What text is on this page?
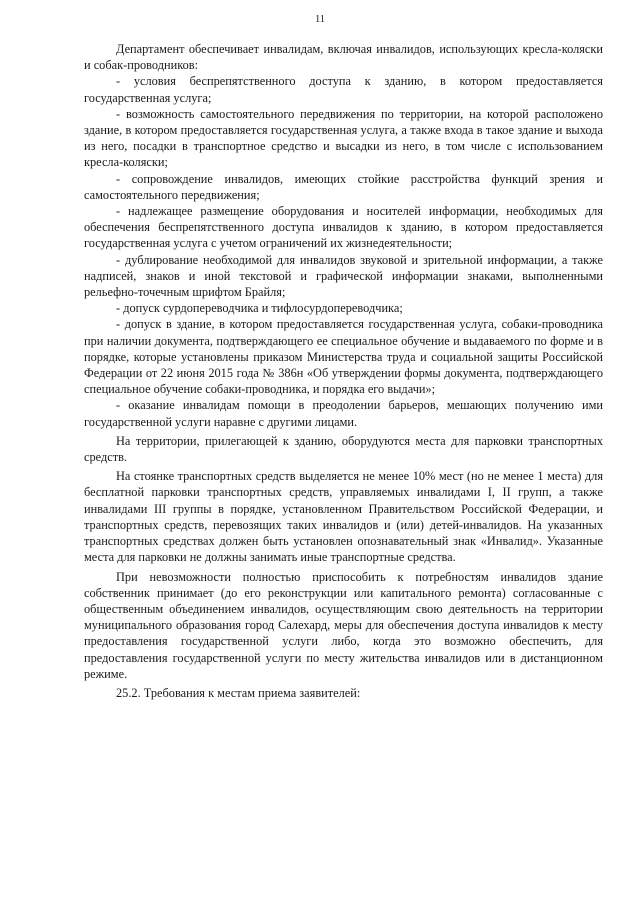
11

Департамент обеспечивает инвалидам, включая инвалидов, использующих кресла-коляски и собак-проводников:

- условия беспрепятственного доступа к зданию, в котором предоставляется государственная услуга;

- возможность самостоятельного передвижения по территории, на которой расположено здание, в котором предоставляется государственная услуга, а также входа в такое здание и выхода из него, посадки в транспортное средство и высадки из него, в том числе с использованием кресла-коляски;

- сопровождение инвалидов, имеющих стойкие расстройства функций зрения и самостоятельного передвижения;

- надлежащее размещение оборудования и носителей информации, необходимых для обеспечения беспрепятственного доступа инвалидов к зданию, в котором предоставляется государственная услуга с учетом ограничений их жизнедеятельности;

- дублирование необходимой для инвалидов звуковой и зрительной информации, а также надписей, знаков и иной текстовой и графической информации знаками, выполненными рельефно-точечным шрифтом Брайля;

- допуск сурдопереводчика и тифлосурдопереводчика;

- допуск в здание, в котором предоставляется государственная услуга, собаки-проводника при наличии документа, подтверждающего ее специальное обучение и выдаваемого по форме и в порядке, которые установлены приказом Министерства труда и социальной защиты Российской Федерации от 22 июня 2015 года № 386н «Об утверждении формы документа, подтверждающего специальное обучение собаки-проводника, и порядка его выдачи»;

- оказание инвалидам помощи в преодолении барьеров, мешающих получению ими государственной услуги наравне с другими лицами.

На территории, прилегающей к зданию, оборудуются места для парковки транспортных средств.

На стоянке транспортных средств выделяется не менее 10% мест (но не менее 1 места) для бесплатной парковки транспортных средств, управляемых инвалидами I, II групп, а также инвалидами III группы в порядке, установленном Правительством Российской Федерации, и транспортных средств, перевозящих таких инвалидов и (или) детей-инвалидов. На указанных транспортных средствах должен быть установлен опознавательный знак «Инвалид». Указанные места для парковки не должны занимать иные транспортные средства.

При невозможности полностью приспособить к потребностям инвалидов здание собственник принимает (до его реконструкции или капитального ремонта) согласованные с общественным объединением инвалидов, осуществляющим свою деятельность на территории муниципального образования город Салехард, меры для обеспечения доступа инвалидов к месту предоставления государственной услуги либо, когда это возможно обеспечить, для предоставления государственной услуги по месту жительства инвалидов или в дистанционном режиме.

25.2. Требования к местам приема заявителей:
